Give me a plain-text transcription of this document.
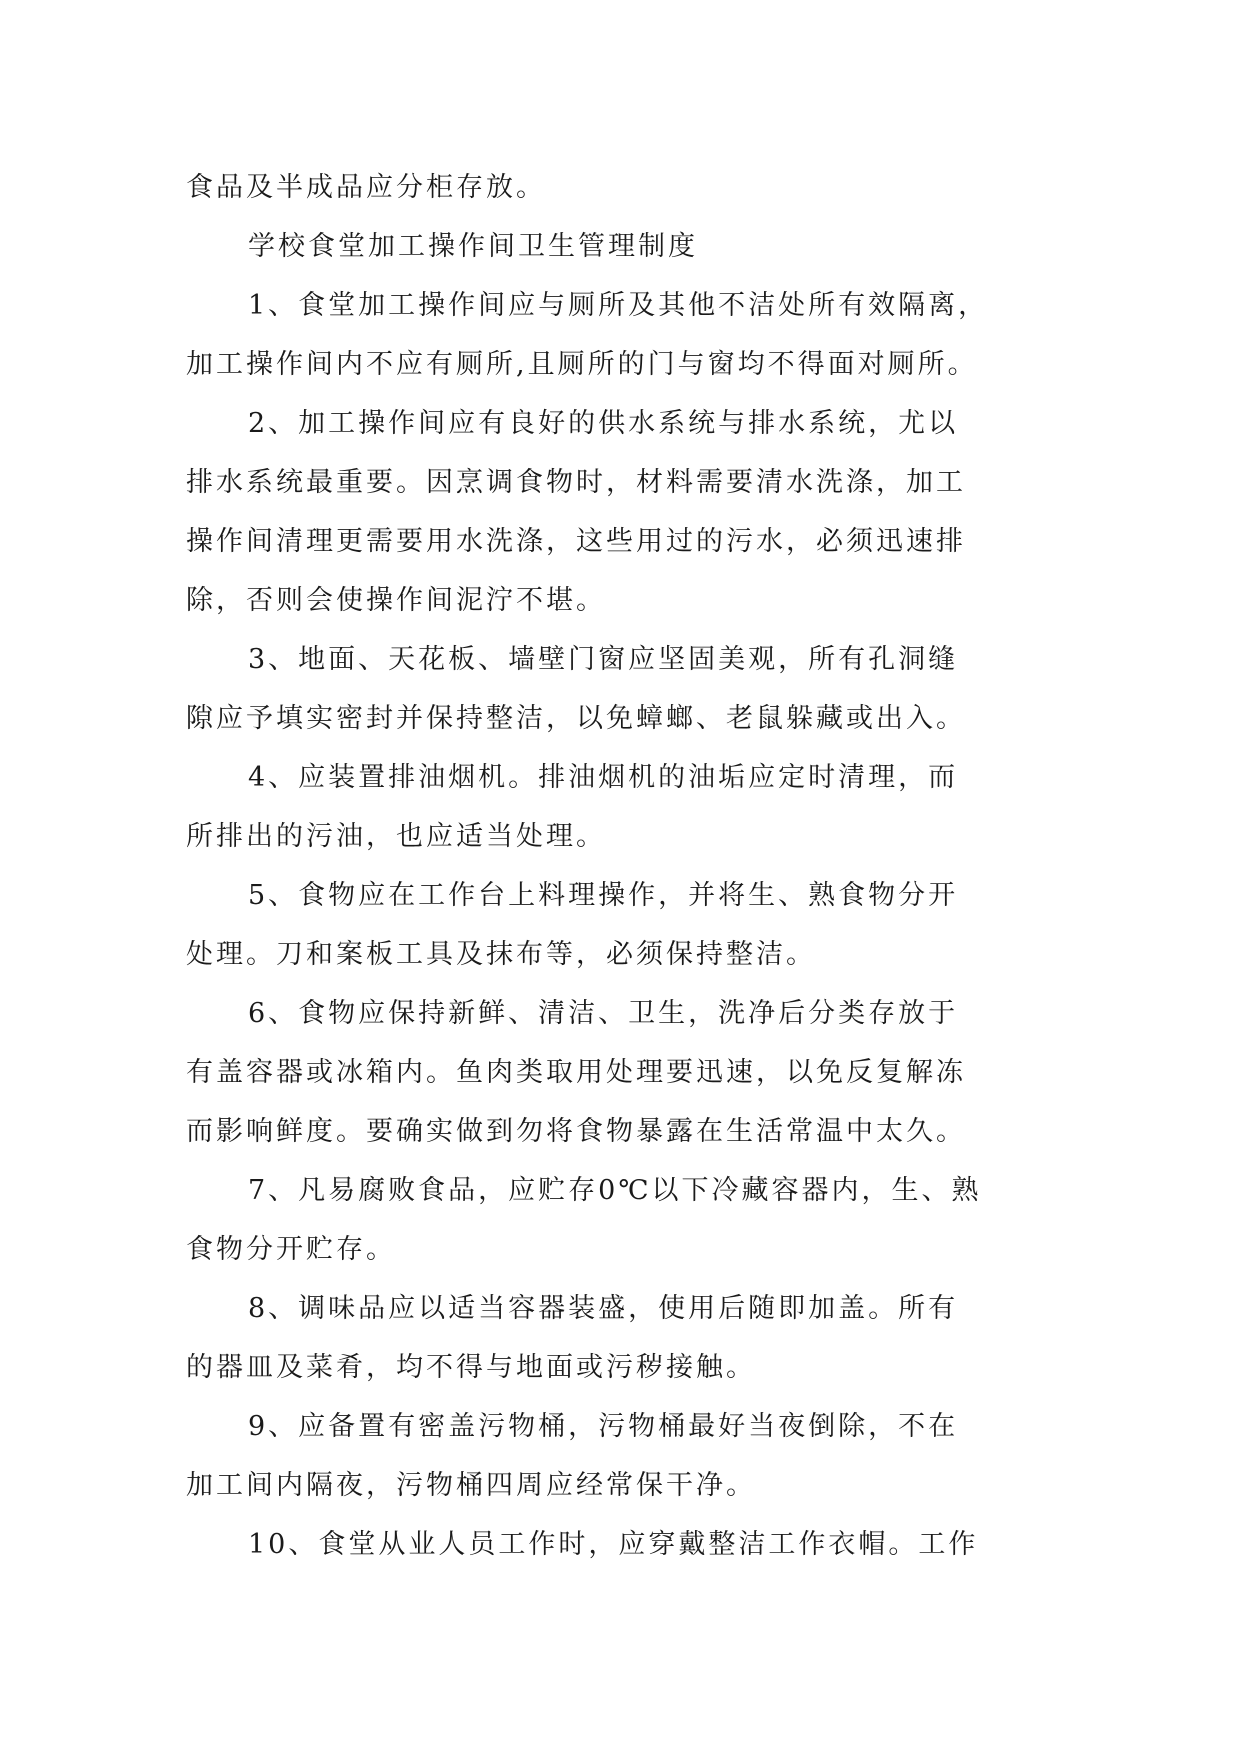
食品及半成品应分柜存放。
学校食堂加工操作间卫生管理制度
1、食堂加工操作间应与厕所及其他不洁处所有效隔离，
加工操作间内不应有厕所,且厕所的门与窗均不得面对厕所。
2、加工操作间应有良好的供水系统与排水系统，尤以
排水系统最重要。因烹调食物时，材料需要清水洗涤，加工
操作间清理更需要用水洗涤，这些用过的污水，必须迅速排
除，否则会使操作间泥泞不堪。
3、地面、天花板、墙壁门窗应坚固美观，所有孔洞缝
隙应予填实密封并保持整洁，以免蟑螂、老鼠躲藏或出入。
4、应装置排油烟机。排油烟机的油垢应定时清理，而
所排出的污油，也应适当处理。
5、食物应在工作台上料理操作，并将生、熟食物分开
处理。刀和案板工具及抹布等，必须保持整洁。
6、食物应保持新鲜、清洁、卫生，洗净后分类存放于
有盖容器或冰箱内。鱼肉类取用处理要迅速，以免反复解冻
而影响鲜度。要确实做到勿将食物暴露在生活常温中太久。
7、凡易腐败食品，应贮存0℃以下冷藏容器内，生、熟
食物分开贮存。
8、调味品应以适当容器装盛，使用后随即加盖。所有
的器皿及菜肴，均不得与地面或污秽接触。
9、应备置有密盖污物桶，污物桶最好当夜倒除，不在
加工间内隔夜，污物桶四周应经常保干净。
10、食堂从业人员工作时，应穿戴整洁工作衣帽。工作
